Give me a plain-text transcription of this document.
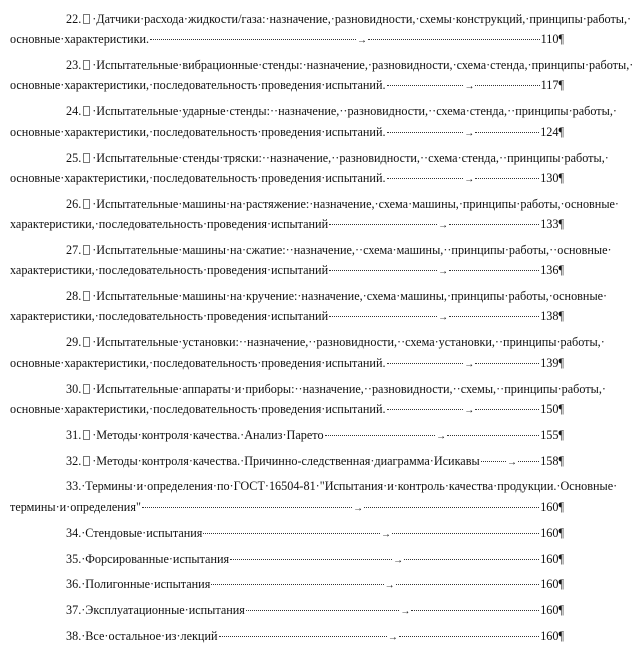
22. ·Датчики·расхода·жидкости/газа:·назначение,·разновидности,·схемы·конструкций,·принципы·работы,·
основные·характеристики.	→	110¶
23. ·Испытательные·вибрационные·стенды:·назначение,·разновидности,·схема·стенда,·принципы·работы,·
основные·характеристики,·последовательность·проведения·испытаний.	→	117¶
24. ·Испытательные·ударные·стенды:··назначение,··разновидности,··схема·стенда,··принципы·работы,·
основные·характеристики,·последовательность·проведения·испытаний.	→	124¶
25. ·Испытательные·стенды·тряски:··назначение,··разновидности,··схема·стенда,··принципы·работы,·
основные·характеристики,·последовательность·проведения·испытаний.	→	130¶
26. ·Испытательные·машины·на·растяжение:·назначение,·схема·машины,·принципы·работы,·основные·
характеристики,·последовательность·проведения·испытаний	→	133¶
27. ·Испытательные·машины·на·сжатие:··назначение,··схема·машины,··принципы·работы,··основные·
характеристики,·последовательность·проведения·испытаний	→	136¶
28. ·Испытательные·машины·на·кручение:·назначение,·схема·машины,·принципы·работы,·основные·
характеристики,·последовательность·проведения·испытаний	→	138¶
29. ·Испытательные·установки:··назначение,··разновидности,··схема·установки,··принципы·работы,·
основные·характеристики,·последовательность·проведения·испытаний.	→	139¶
30. ·Испытательные·аппараты·и·приборы:··назначение,··разновидности,··схемы,··принципы·работы,·
основные·характеристики,·последовательность·проведения·испытаний.	→	150¶
31. ·Методы·контроля·качества.·Анализ·Парето	→	155¶
32. ·Методы·контроля·качества.·Причинно-следственная·диаграмма·Исикавы	→ 158¶
33.·Термины·и·определения·по·ГОСТ·16504-81·"Испытания·и·контроль·качества·продукции.·Основные·
термины·и·определения"	→	160¶
34.·Стендовые·испытания	→	160¶
35.·Форсированные·испытания	→	160¶
36.·Полигонные·испытания	→	160¶
37.·Эксплуатационные·испытания	→	160¶
38.·Все·остальное·из·лекций	→	160¶
